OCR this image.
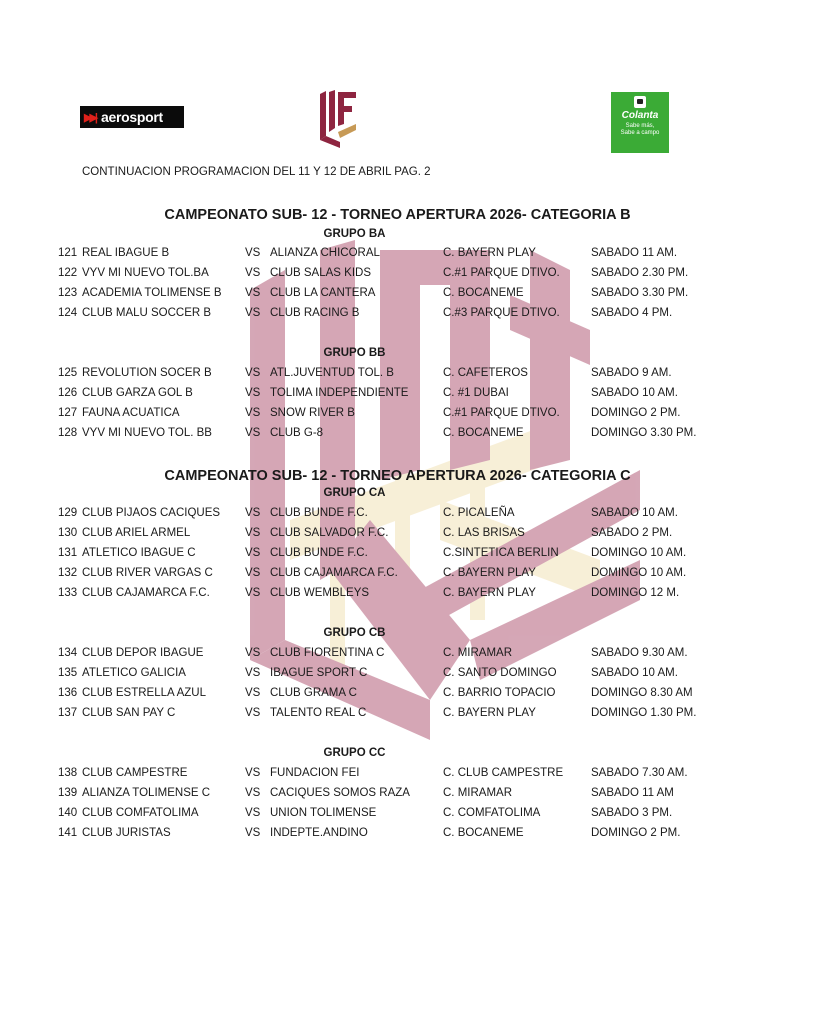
▶▶| aerosport	Colanta
Sabe más,
Sabe a campo
CONTINUACION PROGRAMACION DEL 11 Y 12 DE ABRIL PAG. 2
CAMPEONATO SUB- 12 - TORNEO APERTURA 2026- CATEGORIA B
GRUPO BA
121 REAL IBAGUE B	VS ALIANZA CHICORAL	C. BAYERN PLAY	SABADO 11 AM.
122 VYV MI NUEVO TOL.BA	VS CLUB SALAS KIDS	C.#1 PARQUE DTIVO.	SABADO 2.30 PM.
123 ACADEMIA TOLIMENSE B VS CLUB LA CANTERA	C. BOCANEME	SABADO 3.30 PM.
124 CLUB MALU SOCCER B	VS CLUB RACING B	C.#3 PARQUE DTIVO.	SABADO 4 PM.
GRUPO BB
125 REVOLUTION SOCER B	VS ATL.JUVENTUD TOL. B	C. CAFETEROS	SABADO 9 AM.
126 CLUB GARZA GOL B	VS TOLIMA INDEPENDIENTE	C. #1 DUBAI	SABADO 10 AM.
127 FAUNA ACUATICA	VS SNOW RIVER B	C.#1 PARQUE DTIVO.	DOMINGO 2 PM.
128 VYV MI NUEVO TOL. BB	VS CLUB G-8	C. BOCANEME	DOMINGO 3.30 PM.
CAMPEONATO SUB- 12 - TORNEO APERTURA 2026- CATEGORIA C
GRUPO CA
129 CLUB PIJAOS CACIQUES VS CLUB BUNDE F.C.	C. PICALEÑA	SABADO 10 AM.
130 CLUB ARIEL ARMEL	VS CLUB SALVADOR F.C.	C. LAS BRISAS	SABADO 2 PM.
131 ATLETICO IBAGUE C	VS CLUB BUNDE F.C.	C.SINTETICA BERLIN	DOMINGO 10 AM.
132 CLUB RIVER VARGAS C	VS CLUB CAJAMARCA F.C.	C. BAYERN PLAY	DOMINGO 10 AM.
133 CLUB CAJAMARCA F.C.	VS CLUB WEMBLEYS	C. BAYERN PLAY	DOMINGO 12 M.
GRUPO CB
134 CLUB DEPOR IBAGUE	VS CLUB FIORENTINA C	C. MIRAMAR	SABADO 9.30 AM.
135 ATLETICO GALICIA	VS IBAGUE SPORT C	C. SANTO DOMINGO	SABADO 10 AM.
136 CLUB ESTRELLA AZUL	VS CLUB GRAMA C	C. BARRIO TOPACIO	DOMINGO 8.30 AM
137 CLUB SAN PAY C	VS TALENTO REAL C	C. BAYERN PLAY	DOMINGO 1.30 PM.
GRUPO CC
138 CLUB CAMPESTRE	VS FUNDACION FEI	C. CLUB CAMPESTRE SABADO 7.30 AM.
139 ALIANZA TOLIMENSE C	VS CACIQUES SOMOS RAZA	C. MIRAMAR	SABADO 11 AM
140 CLUB COMFATOLIMA	VS UNION TOLIMENSE	C. COMFATOLIMA	SABADO 3 PM.
141 CLUB JURISTAS	VS INDEPTE.ANDINO	C. BOCANEME	DOMINGO 2 PM.
